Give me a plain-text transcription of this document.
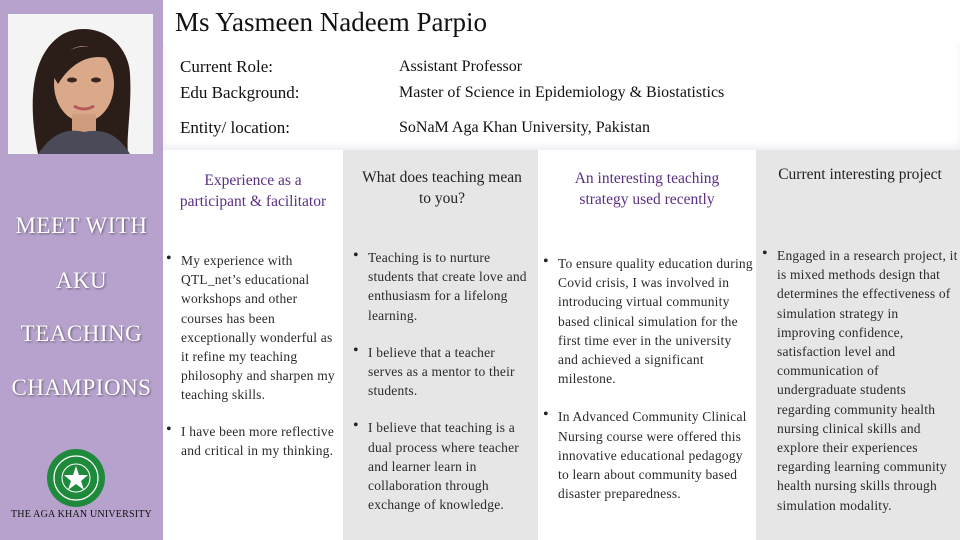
MEET WITH
AKU
TEACHING
CHAMPIONS
THE AGA KHAN UNIVERSITY
Ms Yasmeen Nadeem Parpio
Current Role:	Assistant Professor
Edu Background:	Master of Science in Epidemiology & Biostatistics
Entity/ location:	SoNaM Aga Khan University, Pakistan
Experience as a participant & facilitator
• My experience with QTL_net’s educational workshops and other courses has been exceptionally wonderful as it refine my teaching philosophy and sharpen my teaching skills.
• I have been more reflective and critical in my thinking.
What does teaching mean to you?
• Teaching is to nurture students that create love and enthusiasm for a lifelong learning.
• I believe that a teacher serves as a mentor to their students.
• I believe that teaching is a dual process where teacher and learner learn in collaboration through exchange of knowledge.
An interesting teaching strategy used recently
• To ensure quality education during Covid crisis, I was involved in introducing virtual community based clinical simulation for the first time ever in the university and achieved a significant milestone.
• In Advanced Community Clinical Nursing course were offered this innovative educational pedagogy to learn about community based disaster preparedness.
Current interesting project
• Engaged in a research project, it is mixed methods design that determines the effectiveness of simulation strategy in improving confidence, satisfaction level and communication of undergraduate students regarding community health nursing clinical skills and explore their experiences regarding learning community health nursing skills through simulation modality.
